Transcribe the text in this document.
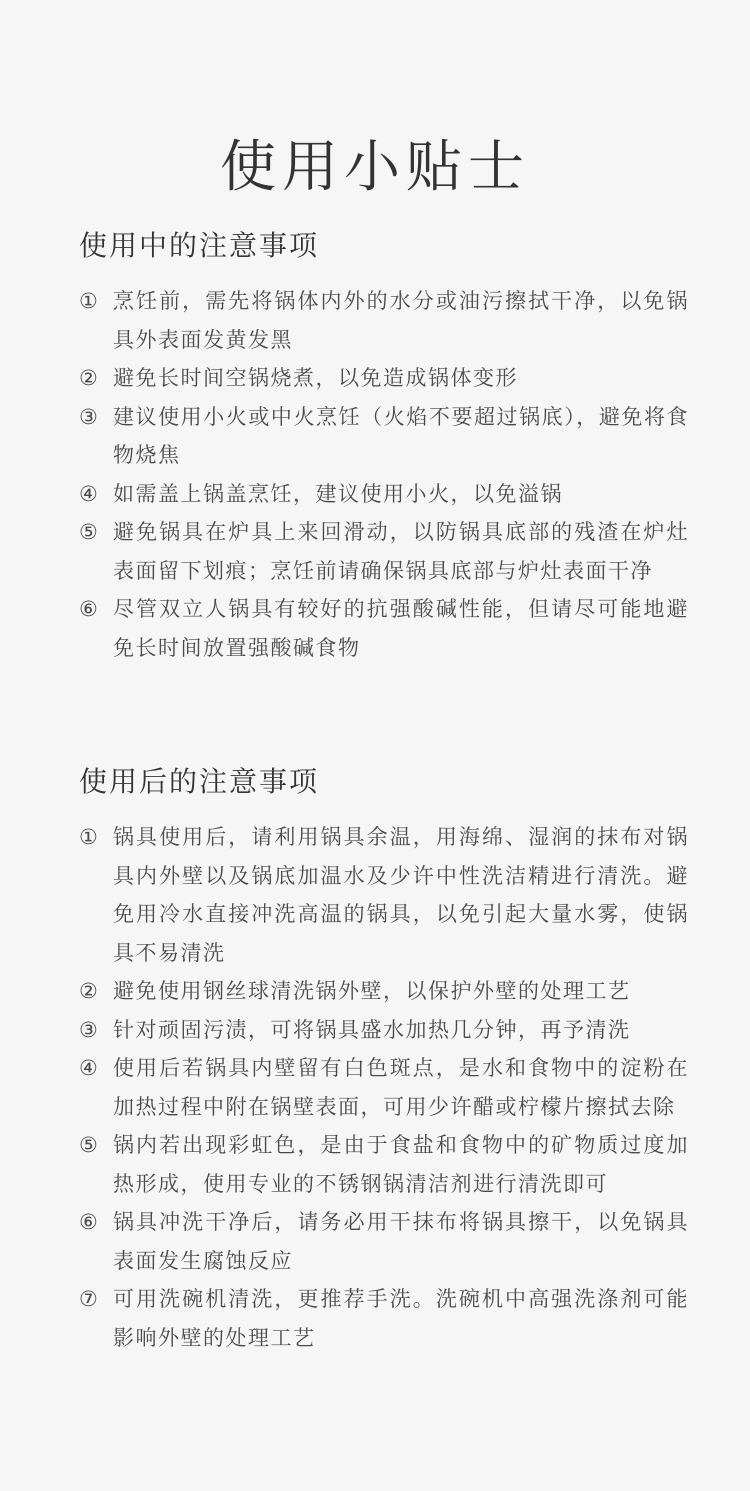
使用小贴士
使用中的注意事项
① 烹饪前，需先将锅体内外的水分或油污擦拭干净，以免锅具外表面发黄发黑
② 避免长时间空锅烧煮，以免造成锅体变形
③ 建议使用小火或中火烹饪（火焰不要超过锅底），避免将食物烧焦
④ 如需盖上锅盖烹饪，建议使用小火，以免溢锅
⑤ 避免锅具在炉具上来回滑动，以防锅具底部的残渣在炉灶表面留下划痕；烹饪前请确保锅具底部与炉灶表面干净
⑥ 尽管双立人锅具有较好的抗强酸碱性能，但请尽可能地避免长时间放置强酸碱食物
使用后的注意事项
① 锅具使用后，请利用锅具余温，用海绵、湿润的抹布对锅具内外壁以及锅底加温水及少许中性洗洁精进行清洗。避免用冷水直接冲洗高温的锅具，以免引起大量水雾，使锅具不易清洗
② 避免使用钢丝球清洗锅外壁，以保护外壁的处理工艺
③ 针对顽固污渍，可将锅具盛水加热几分钟，再予清洗
④ 使用后若锅具内壁留有白色斑点，是水和食物中的淀粉在加热过程中附在锅壁表面，可用少许醋或柠檬片擦拭去除
⑤ 锅内若出现彩虹色，是由于食盐和食物中的矿物质过度加热形成，使用专业的不锈钢锅清洁剂进行清洗即可
⑥ 锅具冲洗干净后，请务必用干抹布将锅具擦干，以免锅具表面发生腐蚀反应
⑦ 可用洗碗机清洗，更推荐手洗。洗碗机中高强洗涤剂可能影响外壁的处理工艺
